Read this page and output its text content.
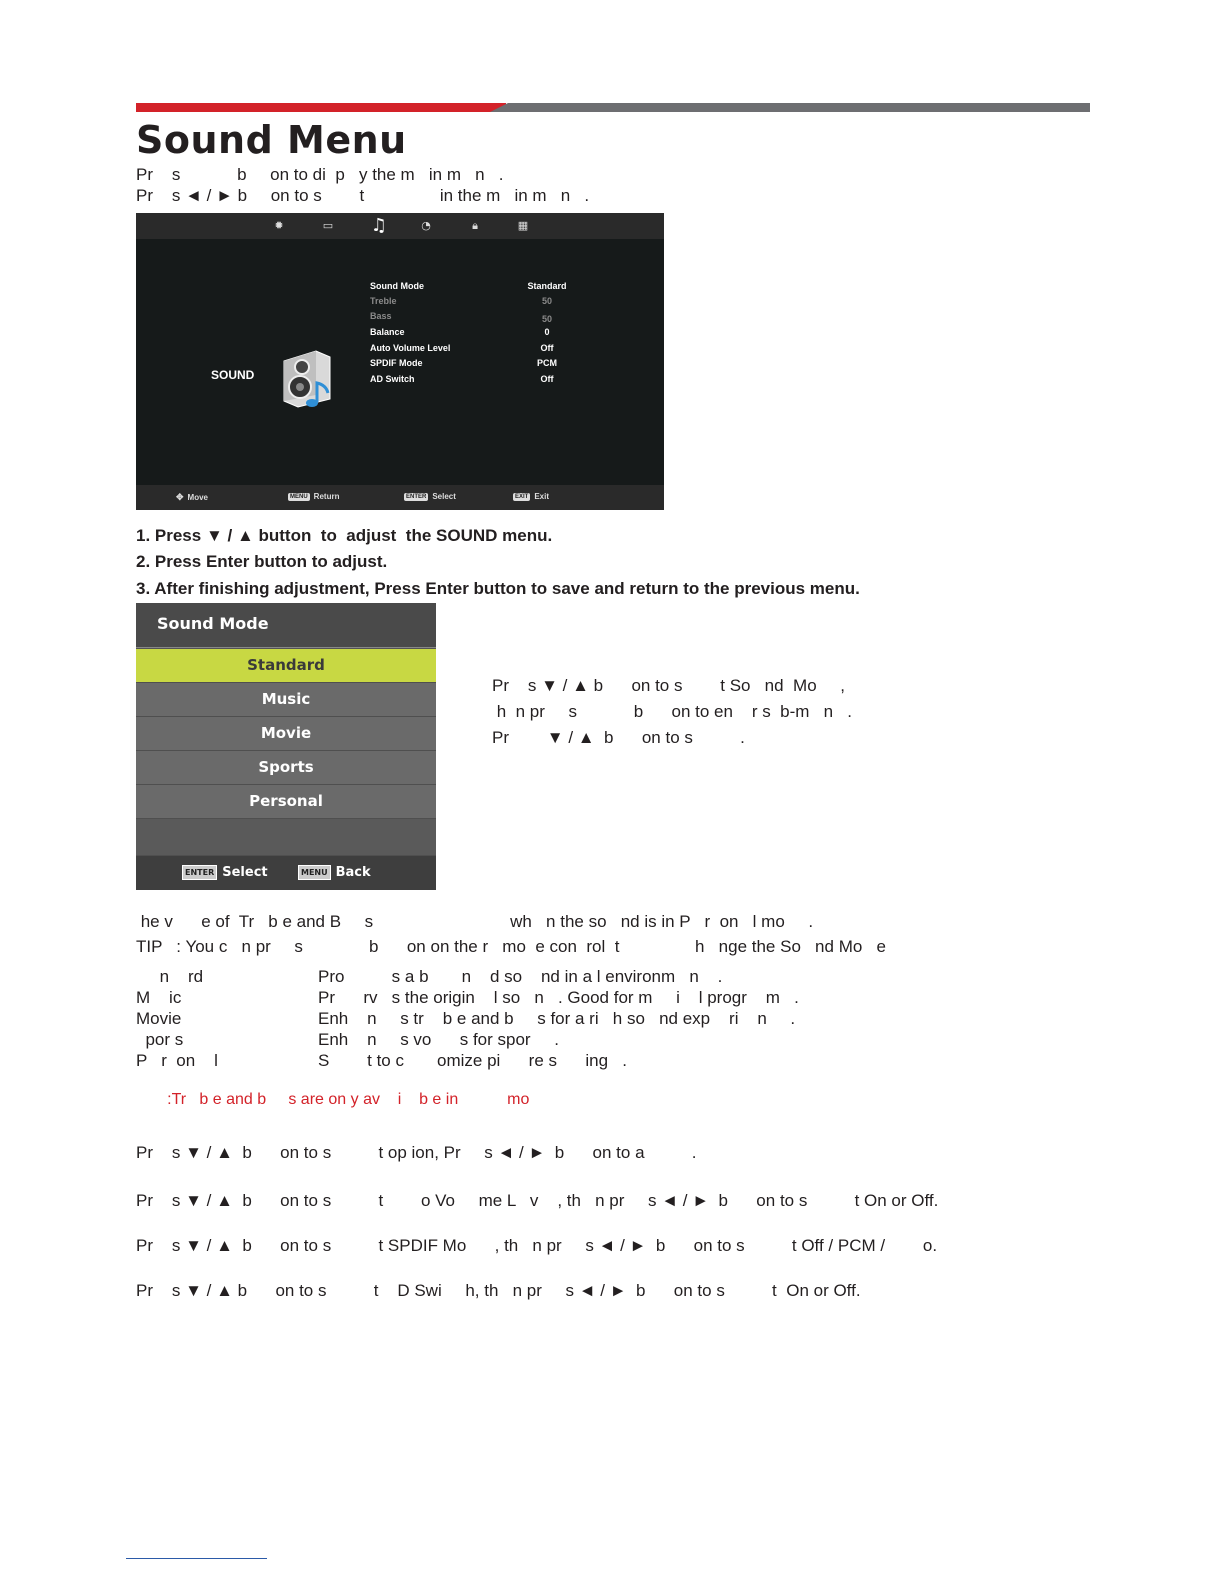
Sound Menu
Pr    s            b     on to di  p   y the m   in m   n   .
Pr    s ◄ / ► b     on to s        t                in the m   in m   n   .
✹	▭ ♫	◔	🔒︎	▦
SOUND
Sound Mode	Standard
Treble	50
Bass	50
Balance	0
Auto Volume Level	Off
SPDIF Mode	PCM
AD Switch	Off
✥ Move	MENU Return	ENTER Select	EXIT Exit
1. Press ▼ / ▲ button  to  adjust  the SOUND menu.
2. Press Enter button to adjust.
3. After finishing adjustment, Press Enter button to save and return to the previous menu.
Sound Mode
Standard
Music
Movie
Sports
Personal
ENTER Select	MENU Back
Pr    s ▼ / ▲ b      on to s        t So   nd  Mo     ,
h  n pr     s            b      on to en    r s  b-m   n   .
Pr        ▼ / ▲  b      on to s          .
he v      e of  Tr   b e and B     s                             wh   n the so   nd is in P   r  on   l mo     .
TIP   : You c   n pr     s              b      on on the r   mo  e con  rol  t                h   nge the So   nd Mo   e
n    rd	Pro          s a b       n    d so    nd in a l environm   n    .
M    ic	Pr      rv   s the origin    l so   n   . Good for m     i    l progr    m   .
Movie	Enh    n     s tr    b e and b     s for a ri   h so   nd exp    ri    n     .
por s	Enh    n     s vo      s for spor     .
P   r  on    l	S        t to c       omize pi      re s      ing   .
:Tr   b e and b     s are on y av    i    b e in           mo
Pr    s ▼ / ▲  b      on to s          t op ion, Pr     s ◄ / ►  b      on to a          .
Pr    s ▼ / ▲  b      on to s          t        o Vo     me L   v    , th   n pr     s ◄ / ►  b      on to s          t On or Off.
Pr    s ▼ / ▲  b      on to s          t SPDIF Mo      , th   n pr     s ◄ / ►  b      on to s          t Off / PCM /        o.
Pr    s ▼ / ▲ b      on to s          t    D Swi     h, th   n pr     s ◄ / ►  b      on to s          t  On or Off.
